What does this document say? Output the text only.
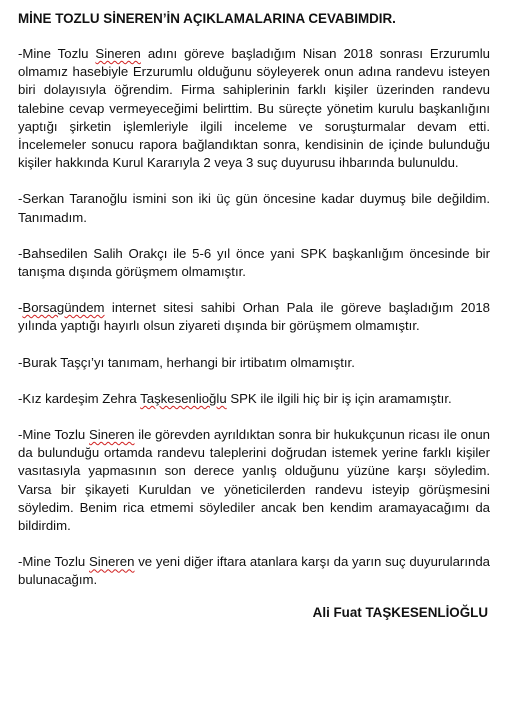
MİNE TOZLU SİNEREN’İN AÇIKLAMALARINA CEVABIMDIR.
-Mine Tozlu Sineren adını göreve başladığım Nisan 2018 sonrası Erzurumlu olmamız hasebiyle Erzurumlu olduğunu söyleyerek onun adına randevu isteyen biri dolayısıyla öğrendim. Firma sahiplerinin farklı kişiler üzerinden randevu talebine cevap vermeyeceğimi belirttim. Bu süreçte yönetim kurulu başkanlığını yaptığı şirketin işlemleriyle ilgili inceleme ve soruşturmalar devam etti. İncelemeler sonucu rapora bağlandıktan sonra, kendisinin de içinde bulunduğu kişiler hakkında Kurul Kararıyla 2 veya 3 suç duyurusu ihbarında bulunuldu.
-Serkan Taranoğlu ismini son iki üç gün öncesine kadar duymuş bile değildim. Tanımadım.
-Bahsedilen Salih Orakçı ile 5-6 yıl önce yani SPK başkanlığım öncesinde bir tanışma dışında görüşmem olmamıştır.
-Borsagündem internet sitesi sahibi Orhan Pala ile göreve başladığım 2018 yılında yaptığı hayırlı olsun ziyareti dışında bir görüşmem olmamıştır.
-Burak Taşçı’yı tanımam, herhangi bir irtibatım olmamıştır.
-Kız kardeşim Zehra Taşkesenlioğlu SPK ile ilgili hiç bir iş için aramamıştır.
-Mine Tozlu Sineren ile görevden ayrıldıktan sonra bir hukukçunun ricası ile onun da bulunduğu ortamda randevu taleplerini doğrudan istemek yerine farklı kişiler vasıtasıyla yapmasının son derece yanlış olduğunu yüzüne karşı söyledim. Varsa bir şikayeti Kuruldan ve yöneticilerden randevu isteyip görüşmesini söyledim. Benim rica etmemi söylediler ancak ben kendim aramayacağımı da bildirdim.
-Mine Tozlu Sineren ve yeni diğer iftara atanlara karşı da yarın suç duyurularında bulunacağım.
Ali Fuat TAŞKESENLİOĞLU
